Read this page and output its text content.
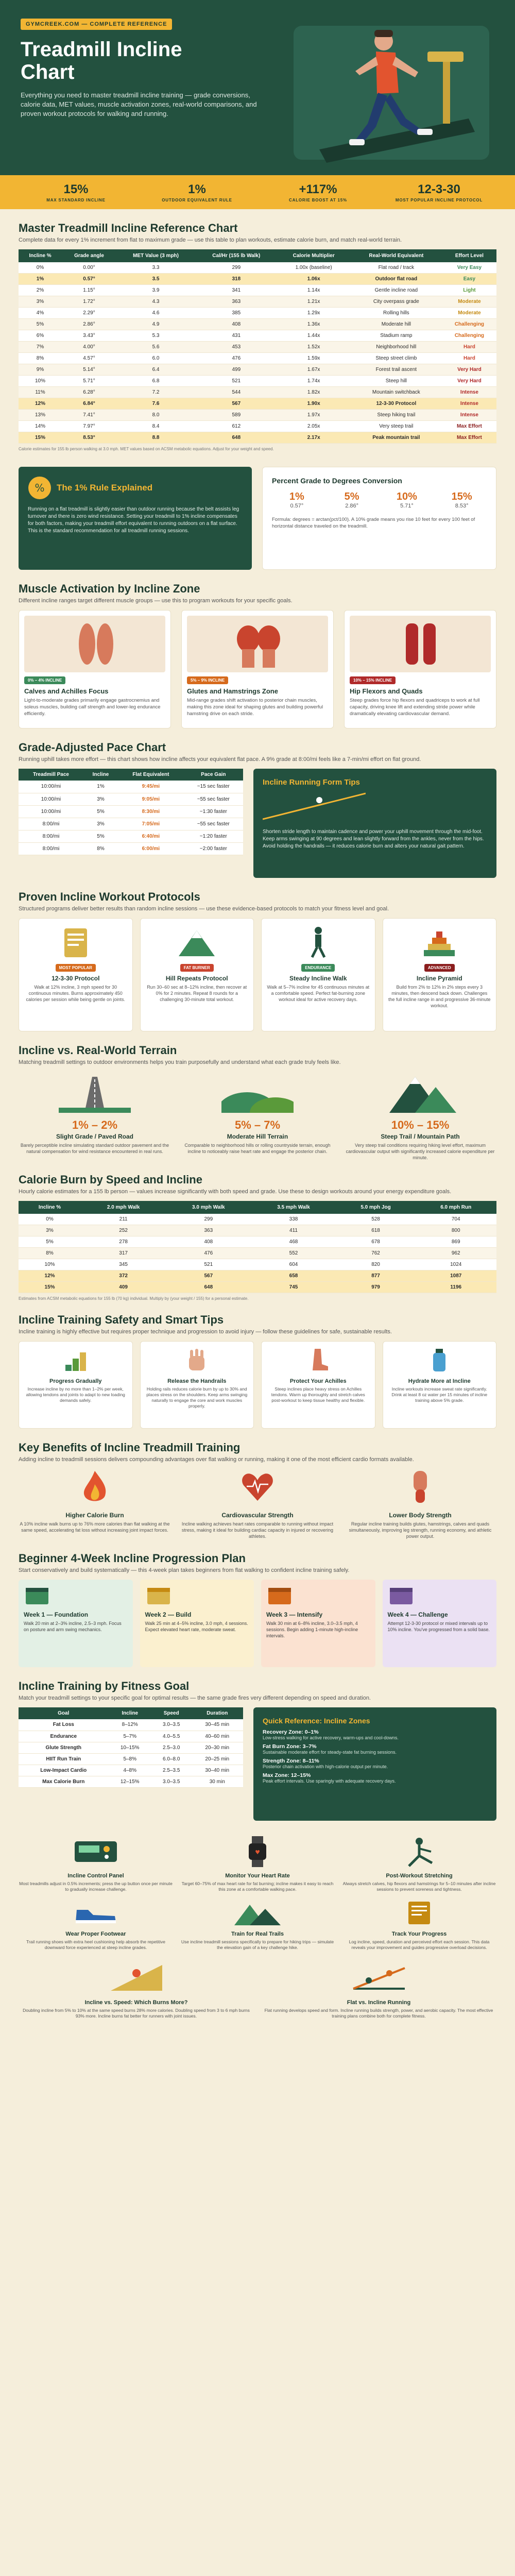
GYMCREEK.COM — COMPLETE REFERENCE
Treadmill Incline
Chart

Everything you need to master treadmill incline training — grade conversions, calorie data, MET values, muscle activation zones, real-world comparisons, and proven workout protocols for walking and running.

15%
MAX STANDARD INCLINE
1%
OUTDOOR EQUIVALENT RULE
+117%
CALORIE BOOST AT 15%
12-3-30
MOST POPULAR INCLINE PROTOCOL
Master Treadmill Incline Reference Chart
Complete data for every 1% increment from flat to maximum grade — use this table to plan workouts, estimate calorie burn, and match real-world terrain.
Incline %	Grade angle	MET Value (3 mph)	Cal/Hr (155 lb Walk)	Calorie Multiplier	Real-World Equivalent	Effort Level
0%	0.00°	3.3	299	1.00x (baseline)	Flat road / track	Very Easy
1%	0.57°	3.5	318	1.06x	Outdoor flat road	Easy
2%	1.15°	3.9	341	1.14x	Gentle incline road	Light
3%	1.72°	4.3	363	1.21x	City overpass grade	Moderate
4%	2.29°	4.6	385	1.29x	Rolling hills	Moderate
5%	2.86°	4.9	408	1.36x	Moderate hill	Challenging
6%	3.43°	5.3	431	1.44x	Stadium ramp	Challenging
7%	4.00°	5.6	453	1.52x	Neighborhood hill	Hard
8%	4.57°	6.0	476	1.59x	Steep street climb	Hard
9%	5.14°	6.4	499	1.67x	Forest trail ascent	Very Hard
10%	5.71°	6.8	521	1.74x	Steep hill	Very Hard
11%	6.28°	7.2	544	1.82x	Mountain switchback	Intense
12%	6.84°	7.6	567	1.90x	12-3-30 Protocol	Intense
13%	7.41°	8.0	589	1.97x	Steep hiking trail	Intense
14%	7.97°	8.4	612	2.05x	Very steep trail	Max Effort
15%	8.53°	8.8	648	2.17x	Peak mountain trail	Max Effort
Calorie estimates for 155 lb person walking at 3.0 mph. MET values based on ACSM metabolic equations. Adjust for your weight and speed.
% The 1% Rule Explained

Running on a flat treadmill is slightly easier than outdoor running because the belt assists leg turnover and there is zero wind resistance. Setting your treadmill to 1% incline compensates for both factors, making your treadmill effort equivalent to running outdoors on a flat surface. This is the standard recommendation for all treadmill running sessions.

Percent Grade to Degrees Conversion
1%
0.57°
5%
2.86°
10%
5.71°
15%
8.53°

Formula: degrees = arctan(pct/100). A 10% grade means you rise 10 feet for every 100 feet of horizontal distance traveled on the treadmill.

Muscle Activation by Incline Zone
Different incline ranges target different muscle groups — use this to program workouts for your specific goals.
0% – 4% INCLINE
Calves and Achilles Focus

Light-to-moderate grades primarily engage gastrocnemius and soleus muscles, building calf strength and lower-leg endurance efficiently.

5% – 9% INCLINE
Glutes and Hamstrings Zone

Mid-range grades shift activation to posterior chain muscles, making this zone ideal for shaping glutes and building powerful hamstring drive on each stride.

10% – 15% INCLINE
Hip Flexors and Quads

Steep grades force hip flexors and quadriceps to work at full capacity, driving knee lift and extending stride power while dramatically elevating cardiovascular demand.

Grade-Adjusted Pace Chart
Running uphill takes more effort — this chart shows how incline affects your equivalent flat pace. A 9% grade at 8:00/mi feels like a 7-min/mi effort on flat ground.
Treadmill Pace	Incline	Flat Equivalent	Pace Gain
10:00/mi	1%	9:45/mi	~15 sec faster
10:00/mi	3%	9:05/mi	~55 sec faster
10:00/mi	5%	8:30/mi	~1:30 faster
8:00/mi	3%	7:05/mi	~55 sec faster
8:00/mi	5%	6:40/mi	~1:20 faster
8:00/mi	8%	6:00/mi	~2:00 faster
Incline Running Form Tips

Shorten stride length to maintain cadence and power your uphill movement through the mid-foot. Keep arms swinging at 90 degrees and lean slightly forward from the ankles, never from the hips. Avoid holding the handrails — it reduces calorie burn and alters your natural gait pattern.

Proven Incline Workout Protocols
Structured programs deliver better results than random incline sessions — use these evidence-based protocols to match your fitness level and goal.
MOST POPULAR
12-3-30 Protocol

Walk at 12% incline, 3 mph speed for 30 continuous minutes. Burns approximately 450 calories per session while being gentle on joints.

FAT BURNER
Hill Repeats Protocol

Run 30–60 sec at 8–12% incline, then recover at 0% for 2 minutes. Repeat 8 rounds for a challenging 30-minute total workout.

ENDURANCE
Steady Incline Walk

Walk at 5–7% incline for 45 continuous minutes at a comfortable speed. Perfect fat-burning zone workout ideal for active recovery days.

ADVANCED
Incline Pyramid

Build from 2% to 12% in 2% steps every 3 minutes, then descend back down. Challenges the full incline range in and progressive 36-minute workout.

Incline vs. Real-World Terrain
Matching treadmill settings to outdoor environments helps you train purposefully and understand what each grade truly feels like.
1% – 2%
Slight Grade / Paved Road

Barely perceptible incline simulating standard outdoor pavement and the natural compensation for wind resistance encountered in real runs.

5% – 7%
Moderate Hill Terrain

Comparable to neighborhood hills or rolling countryside terrain, enough incline to noticeably raise heart rate and engage the posterior chain.

10% – 15%
Steep Trail / Mountain Path

Very steep trail conditions requiring hiking level effort, maximum cardiovascular output with significantly increased calorie expenditure per minute.

Calorie Burn by Speed and Incline
Hourly calorie estimates for a 155 lb person — values increase significantly with both speed and grade. Use these to design workouts around your energy expenditure goals.
Incline %	2.0 mph Walk	3.0 mph Walk	3.5 mph Walk	5.0 mph Jog	6.0 mph Run
0%	211	299	338	528	704
3%	252	363	411	618	800
5%	278	408	468	678	869
8%	317	476	552	762	962
10%	345	521	604	820	1024
12%	372	567	658	877	1087
15%	409	648	745	979	1196
Estimates from ACSM metabolic equations for 155 lb (70 kg) individual. Multiply by (your weight / 155) for a personal estimate.
Incline Training Safety and Smart Tips
Incline training is highly effective but requires proper technique and progression to avoid injury — follow these guidelines for safe, sustainable results.
Progress Gradually

Increase incline by no more than 1–2% per week, allowing tendons and joints to adapt to new loading demands safely.

Release the Handrails

Holding rails reduces calorie burn by up to 30% and places stress on the shoulders. Keep arms swinging naturally to engage the core and work muscles properly.

Protect Your Achilles

Steep inclines place heavy stress on Achilles tendons. Warm up thoroughly and stretch calves post-workout to keep tissue healthy and flexible.

Hydrate More at Incline

Incline workouts increase sweat rate significantly. Drink at least 8 oz water per 15 minutes of incline training above 5% grade.

Key Benefits of Incline Treadmill Training
Adding incline to treadmill sessions delivers compounding advantages over flat walking or running, making it one of the most efficient cardio formats available.
Higher Calorie Burn

A 10% incline walk burns up to 76% more calories than flat walking at the same speed, accelerating fat loss without increasing joint impact forces.

Cardiovascular Strength

Incline walking achieves heart rates comparable to running without impact stress, making it ideal for building cardiac capacity in injured or recovering athletes.

Lower Body Strength

Regular incline training builds glutes, hamstrings, calves and quads simultaneously, improving leg strength, running economy, and athletic power output.

Beginner 4-Week Incline Progression Plan
Start conservatively and build systematically — this 4-week plan takes beginners from flat walking to confident incline training safely.
Week 1 — Foundation

Walk 20 min at 2–3% incline, 2.5–3 mph. Focus on posture and arm swing mechanics.

Week 2 — Build

Walk 25 min at 4–5% incline, 3.0 mph, 4 sessions. Expect elevated heart rate, moderate sweat.

Week 3 — Intensify

Walk 30 min at 6–8% incline, 3.0–3.5 mph, 4 sessions. Begin adding 1-minute high-incline intervals.

Week 4 — Challenge

Attempt 12-3-30 protocol or mixed intervals up to 10% incline. You've progressed from a solid base.

Incline Training by Fitness Goal
Match your treadmill settings to your specific goal for optimal results — the same grade fires very different depending on speed and duration.
Goal	Incline	Speed	Duration
Fat Loss	8–12%	3.0–3.5	30–45 min
Endurance	5–7%	4.0–5.5	40–60 min
Glute Strength	10–15%	2.5–3.0	20–30 min
HIIT Run Train	5–8%	6.0–8.0	20–25 min
Low-Impact Cardio	4–8%	2.5–3.5	30–40 min
Max Calorie Burn	12–15%	3.0–3.5	30 min
Quick Reference: Incline Zones
Recovery Zone: 0–1%
Low-stress walking for active recovery, warm-ups and cool-downs.
Fat Burn Zone: 3–7%
Sustainable moderate effort for steady-state fat burning sessions.
Strength Zone: 8–11%
Posterior chain activation with high-calorie output per minute.
Max Zone: 12–15%
Peak effort intervals. Use sparingly with adequate recovery days.
Incline Control Panel

Most treadmills adjust in 0.5% increments; press the up button once per minute to gradually increase challenge.

♥
Monitor Your Heart Rate

Target 60–75% of max heart rate for fat burning; incline makes it easy to reach this zone at a comfortable walking pace.

Post-Workout Stretching

Always stretch calves, hip flexors and hamstrings for 5–10 minutes after incline sessions to prevent soreness and tightness.

Wear Proper Footwear

Trail running shoes with extra heel cushioning help absorb the repetitive downward force experienced at steep incline grades.

Train for Real Trails

Use incline treadmill sessions specifically to prepare for hiking trips — simulate the elevation gain of a key challenge hike.

Track Your Progress

Log incline, speed, duration and perceived effort each session. This data reveals your improvement and guides progressive overload decisions.

Incline vs. Speed: Which Burns More?

Doubling incline from 5% to 10% at the same speed burns 28% more calories. Doubling speed from 3 to 6 mph burns 93% more. Incline burns fat better for runners with joint issues.

Flat vs. Incline Running

Flat running develops speed and form. Incline running builds strength, power, and aerobic capacity. The most effective training plans combine both for complete fitness.
